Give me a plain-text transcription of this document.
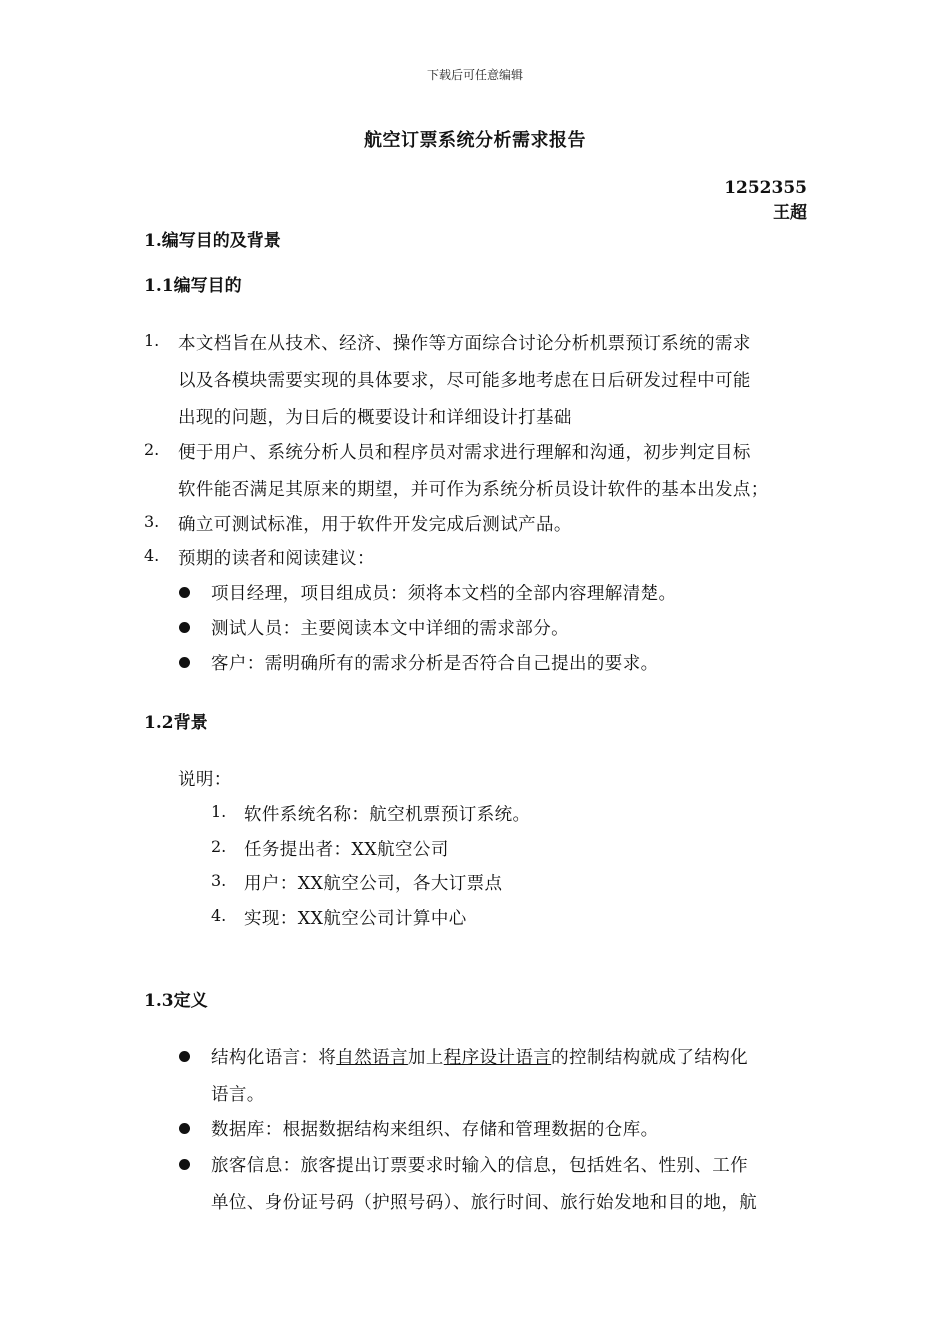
下载后可任意编辑
航空订票系统分析需求报告
1252355
王超
1.编写目的及背景
1.1编写目的
1. 本文档旨在从技术、经济、操作等方面综合讨论分析机票预订系统的需求
以及各模块需要实现的具体要求，尽可能多地考虑在日后研发过程中可能
出现的问题，为日后的概要设计和详细设计打基础
2. 便于用户、系统分析人员和程序员对需求进行理解和沟通，初步判定目标
软件能否满足其原来的期望，并可作为系统分析员设计软件的基本出发点；
3. 确立可测试标准，用于软件开发完成后测试产品。
4. 预期的读者和阅读建议：
项目经理，项目组成员：须将本文档的全部内容理解清楚。
测试人员：主要阅读本文中详细的需求部分。
客户：需明确所有的需求分析是否符合自己提出的要求。
1.2背景
说明：
1. 软件系统名称：航空机票预订系统。
2. 任务提出者：XX航空公司
3. 用户：XX航空公司，各大订票点
4. 实现：XX航空公司计算中心
1.3定义
结构化语言：将自然语言加上程序设计语言的控制结构就成了结构化
语言。
数据库：根据数据结构来组织、存储和管理数据的仓库。
旅客信息：旅客提出订票要求时输入的信息，包括姓名、性别、工作
单位、身份证号码（护照号码）、旅行时间、旅行始发地和目的地，航
